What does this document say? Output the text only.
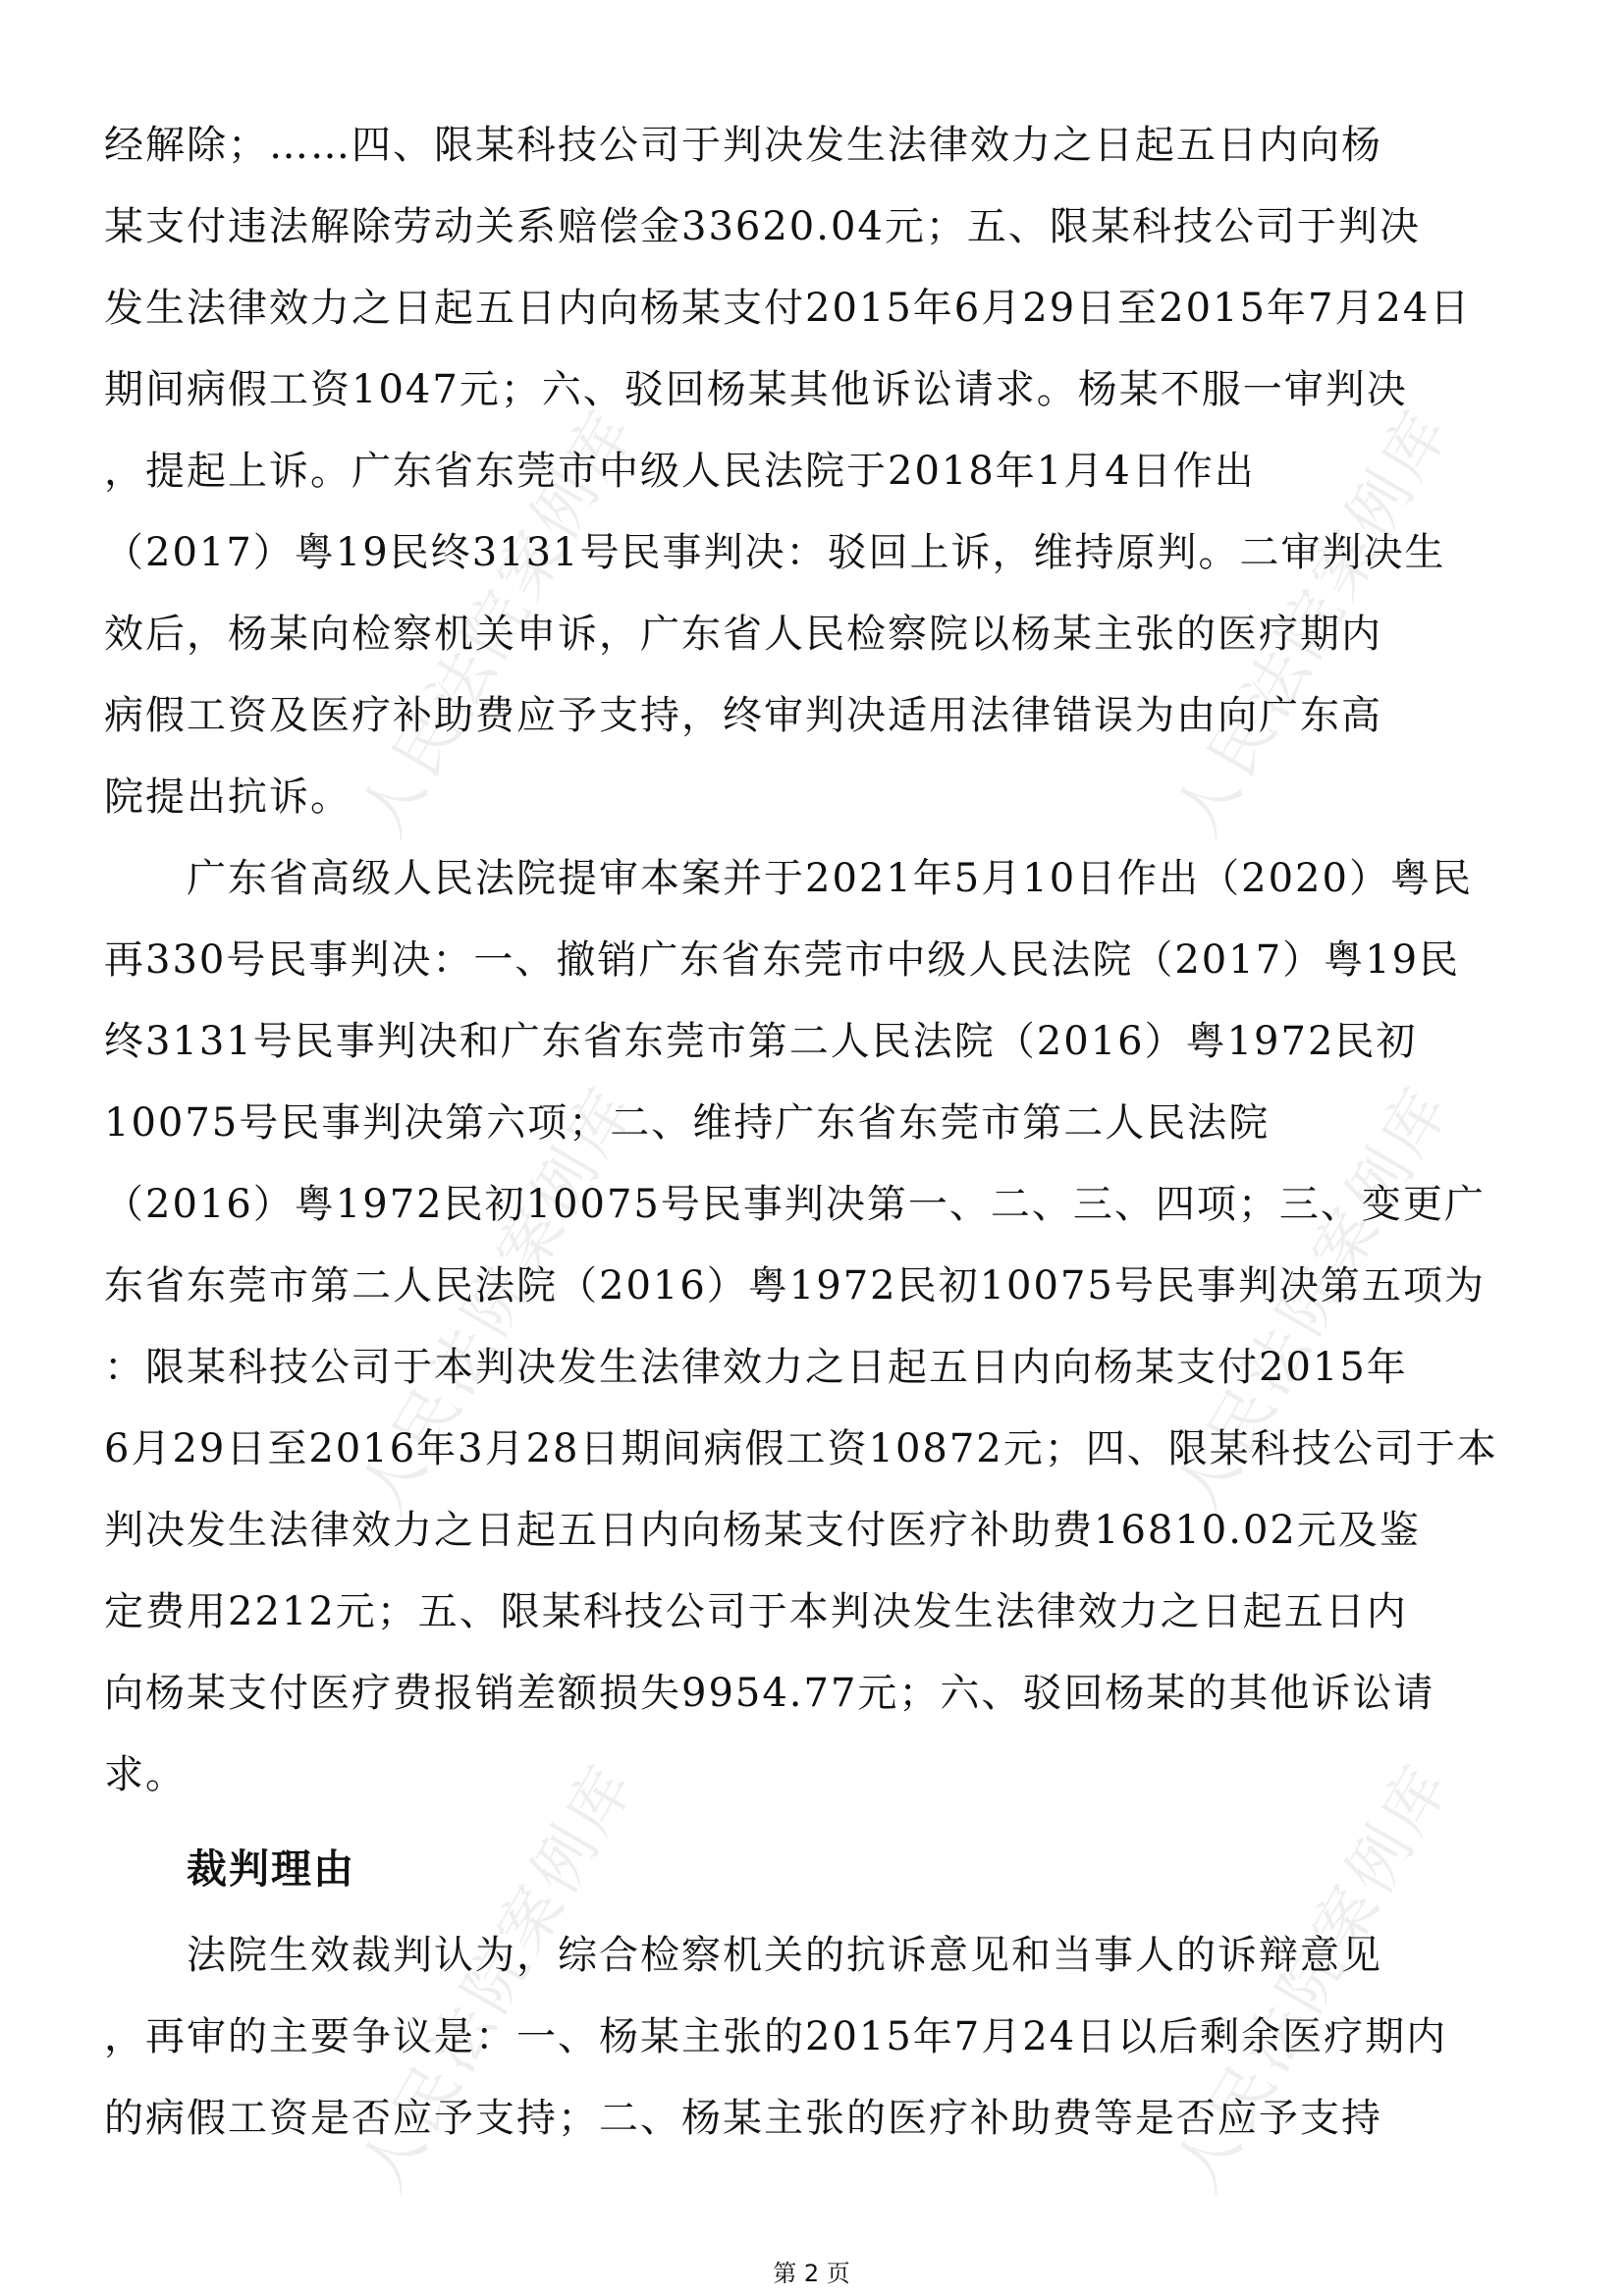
人民法院案例库	人民法院案例库
人民法院案例库	人民法院案例库
人民法院案例库	人民法院案例库
经解除；……四、限某科技公司于判决发生法律效力之日起五日内向杨
某支付违法解除劳动关系赔偿金33620.04元；五、限某科技公司于判决
发生法律效力之日起五日内向杨某支付2015年6月29日至2015年7月24日
期间病假工资1047元；六、驳回杨某其他诉讼请求。杨某不服一审判决
，提起上诉。广东省东莞市中级人民法院于2018年1月4日作出
（2017）粤19民终3131号民事判决：驳回上诉，维持原判。二审判决生
效后，杨某向检察机关申诉，广东省人民检察院以杨某主张的医疗期内
病假工资及医疗补助费应予支持，终审判决适用法律错误为由向广东高
院提出抗诉。
　　广东省高级人民法院提审本案并于2021年5月10日作出（2020）粤民
再330号民事判决：一、撤销广东省东莞市中级人民法院（2017）粤19民
终3131号民事判决和广东省东莞市第二人民法院（2016）粤1972民初
10075号民事判决第六项；二、维持广东省东莞市第二人民法院
（2016）粤1972民初10075号民事判决第一、二、三、四项；三、变更广
东省东莞市第二人民法院（2016）粤1972民初10075号民事判决第五项为
：限某科技公司于本判决发生法律效力之日起五日内向杨某支付2015年
6月29日至2016年3月28日期间病假工资10872元；四、限某科技公司于本
判决发生法律效力之日起五日内向杨某支付医疗补助费16810.02元及鉴
定费用2212元；五、限某科技公司于本判决发生法律效力之日起五日内
向杨某支付医疗费报销差额损失9954.77元；六、驳回杨某的其他诉讼请
求。
裁判理由
　　法院生效裁判认为，综合检察机关的抗诉意见和当事人的诉辩意见
，再审的主要争议是：一、杨某主张的2015年7月24日以后剩余医疗期内
的病假工资是否应予支持；二、杨某主张的医疗补助费等是否应予支持
第 2 页
